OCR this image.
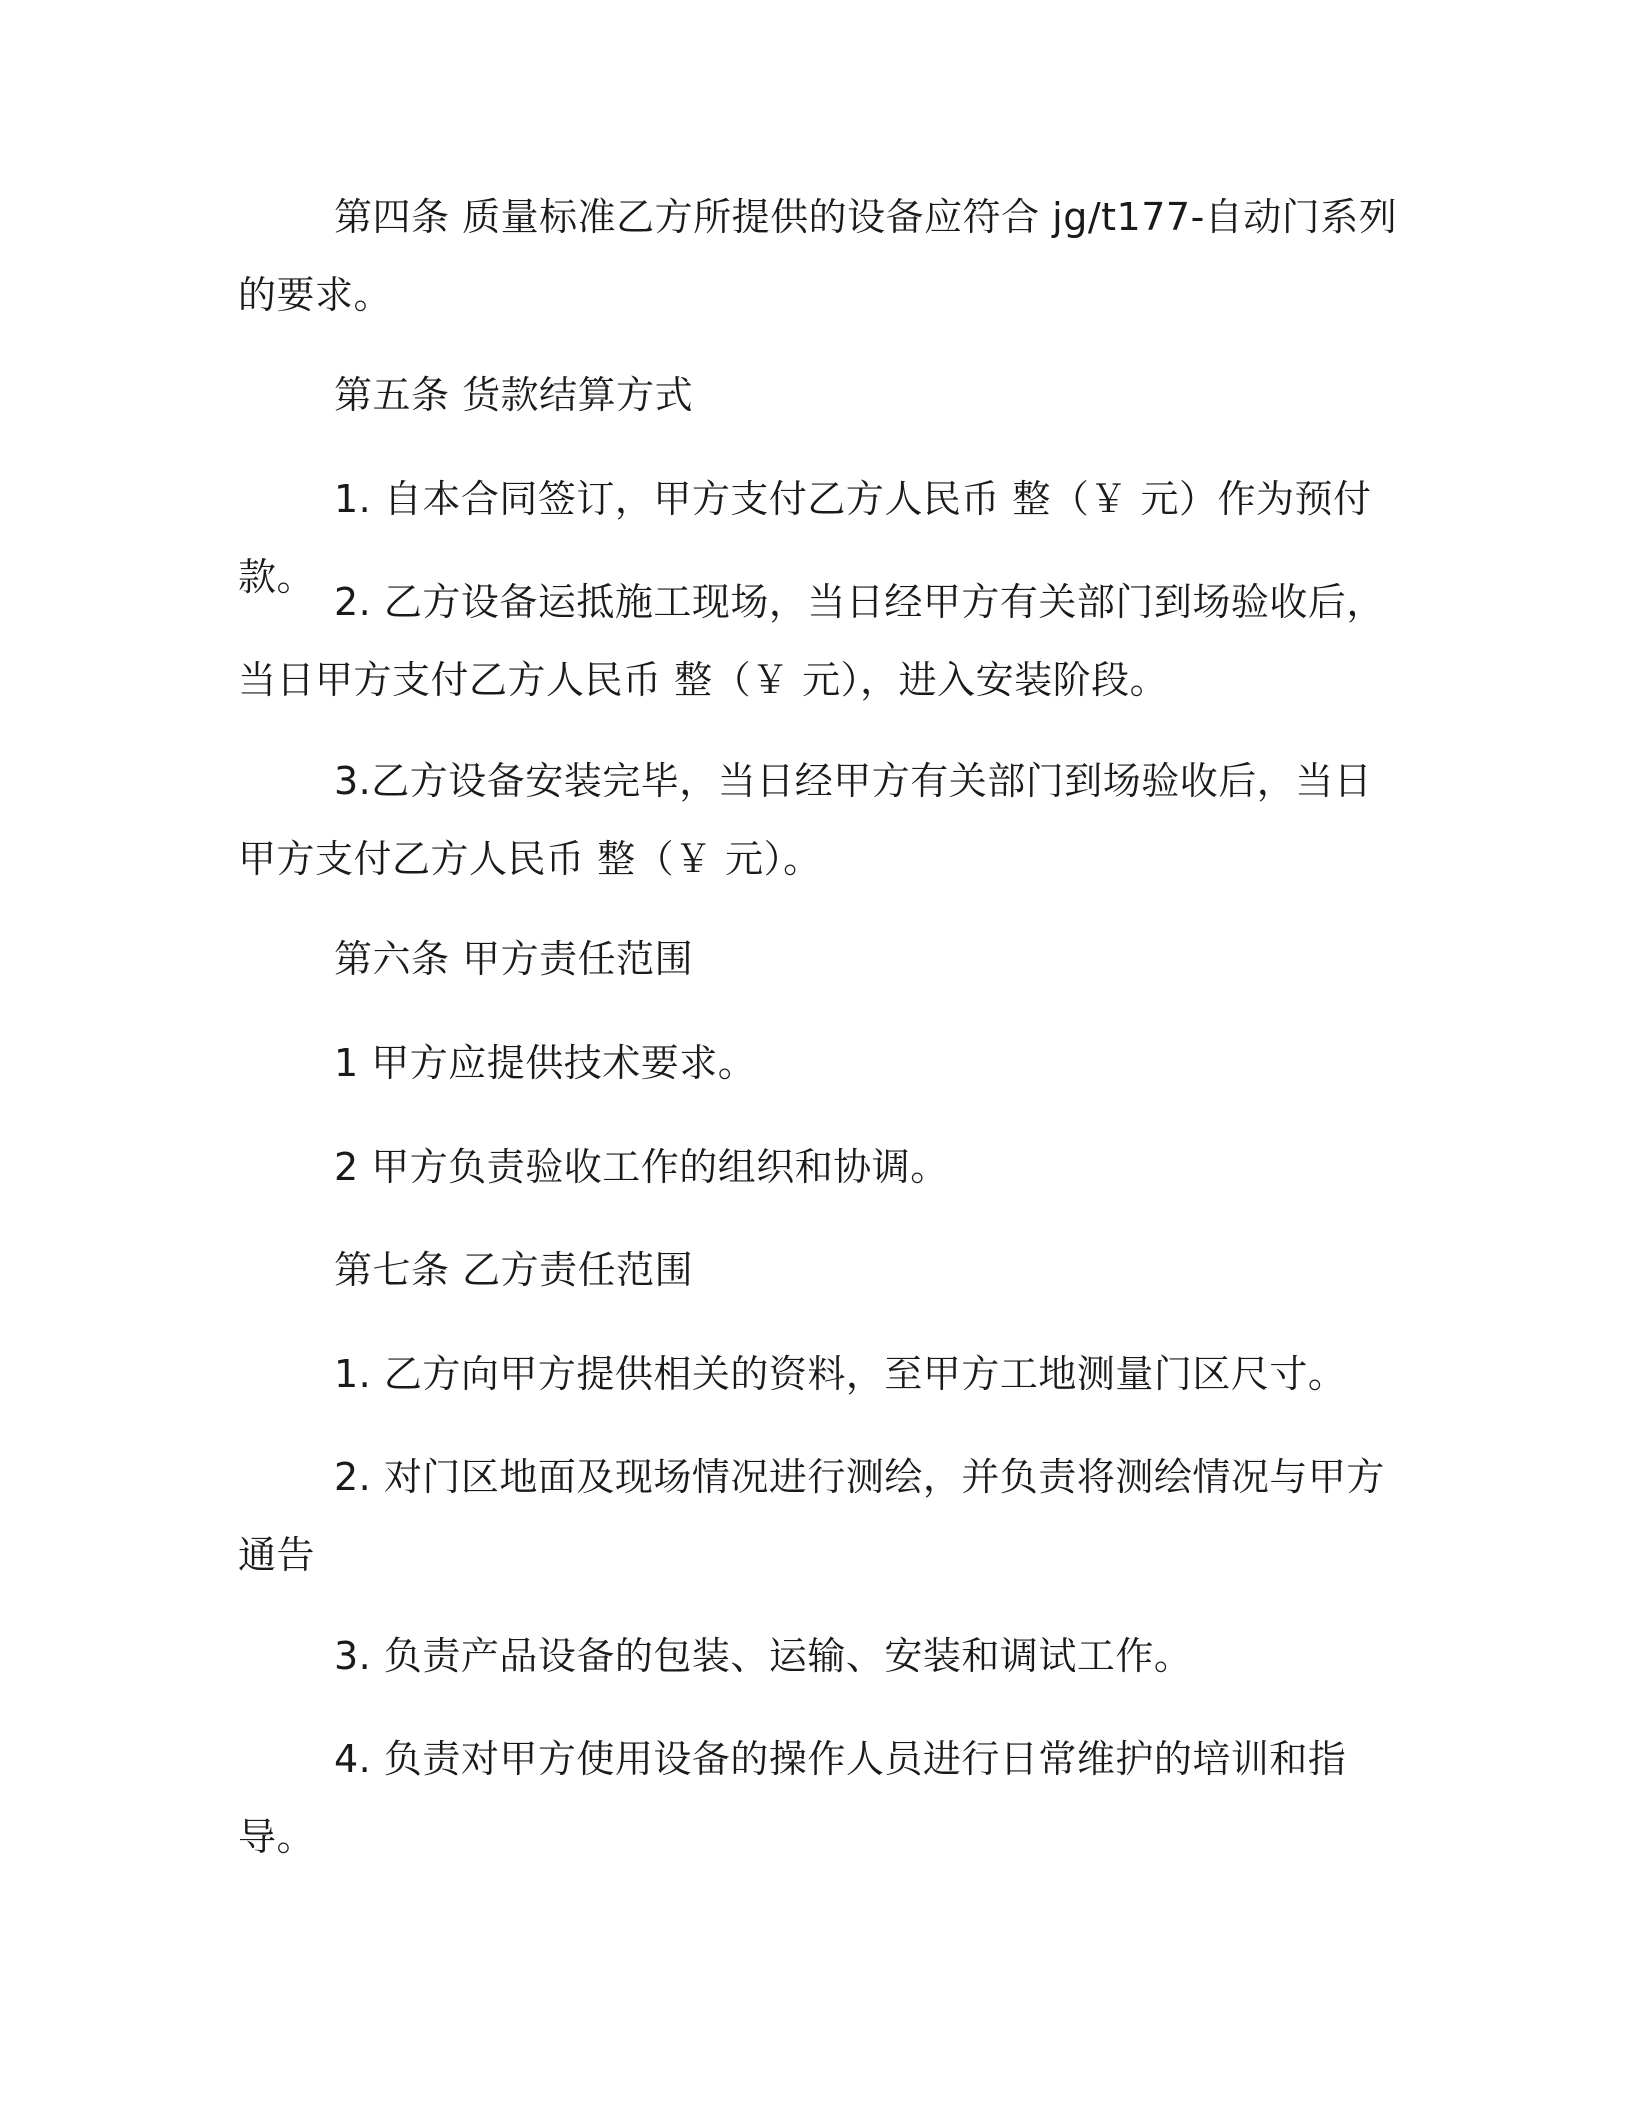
第四条 质量标准乙方所提供的设备应符合 jg/t177-自动门系列的要求。

第五条 货款结算方式

1. 自本合同签订，甲方支付乙方人民币 整（￥ 元）作为预付款。

2. 乙方设备运抵施工现场，当日经甲方有关部门到场验收后，当日甲方支付乙方人民币 整（￥ 元），进入安装阶段。

3.乙方设备安装完毕，当日经甲方有关部门到场验收后，当日甲方支付乙方人民币 整（￥ 元）。

第六条 甲方责任范围

1 甲方应提供技术要求。

2 甲方负责验收工作的组织和协调。

第七条 乙方责任范围

1. 乙方向甲方提供相关的资料，至甲方工地测量门区尺寸。

2. 对门区地面及现场情况进行测绘，并负责将测绘情况与甲方通告

3. 负责产品设备的包装、运输、安装和调试工作。

4. 负责对甲方使用设备的操作人员进行日常维护的培训和指导。
